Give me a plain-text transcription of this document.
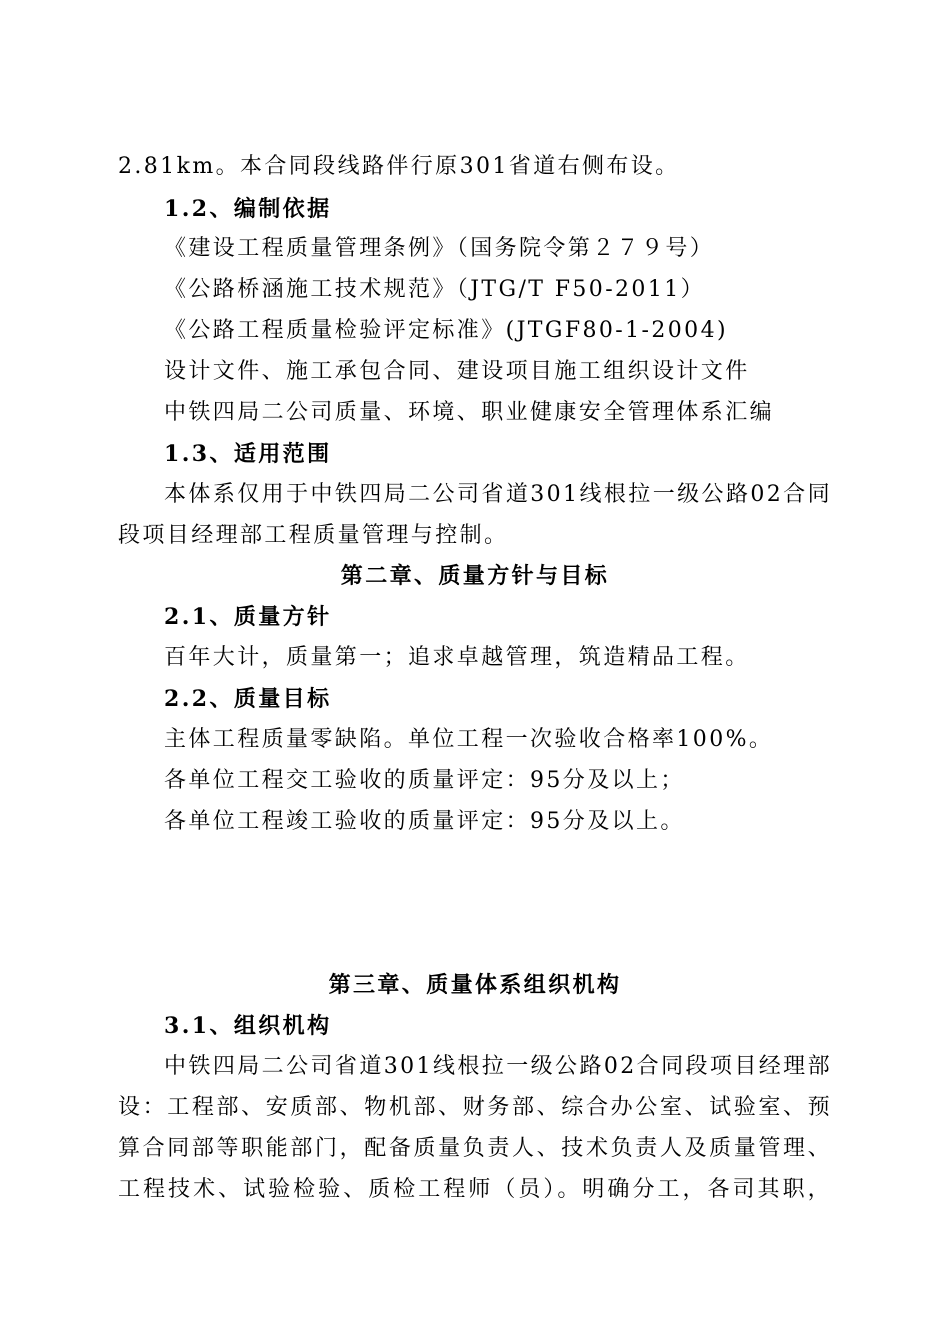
2.81km。本合同段线路伴行原301省道右侧布设。
1.2、编制依据
《建设工程质量管理条例》（国务院令第２７９号）
《公路桥涵施工技术规范》（JTG/T F50-2011）
《公路工程质量检验评定标准》(JTGF80-1-2004)
设计文件、施工承包合同、建设项目施工组织设计文件
中铁四局二公司质量、环境、职业健康安全管理体系汇编
1.3、适用范围
本体系仅用于中铁四局二公司省道301线根拉一级公路02合同
段项目经理部工程质量管理与控制。
第二章、质量方针与目标
2.1、质量方针
百年大计，质量第一；追求卓越管理，筑造精品工程。
2.2、质量目标
主体工程质量零缺陷。单位工程一次验收合格率100%。
各单位工程交工验收的质量评定：95分及以上；
各单位工程竣工验收的质量评定：95分及以上。
第三章、质量体系组织机构
3.1、组织机构
中铁四局二公司省道301线根拉一级公路02合同段项目经理部
设：工程部、安质部、物机部、财务部、综合办公室、试验室、预
算合同部等职能部门，配备质量负责人、技术负责人及质量管理、
工程技术、试验检验、质检工程师（员）。明确分工，各司其职，
